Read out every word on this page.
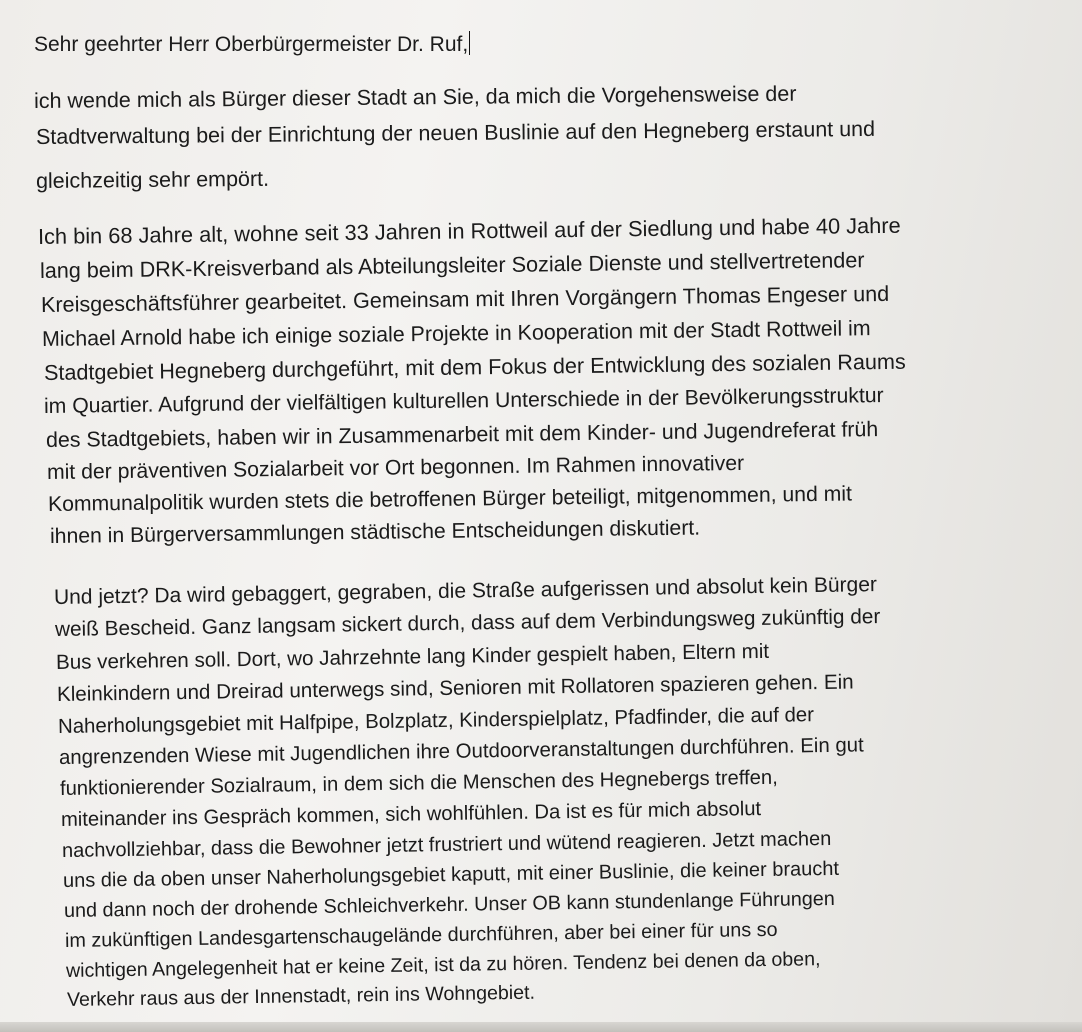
Sehr geehrter Herr Oberbürgermeister Dr. Ruf,
ich wende mich als Bürger dieser Stadt an Sie, da mich die Vorgehensweise der
Stadtverwaltung bei der Einrichtung der neuen Buslinie auf den Hegneberg erstaunt und
gleichzeitig sehr empört.
Ich bin 68 Jahre alt, wohne seit 33 Jahren in Rottweil auf der Siedlung und habe 40 Jahre
lang beim DRK-Kreisverband als Abteilungsleiter Soziale Dienste und stellvertretender
Kreisgeschäftsführer gearbeitet. Gemeinsam mit Ihren Vorgängern Thomas Engeser und
Michael Arnold habe ich einige soziale Projekte in Kooperation mit der Stadt Rottweil im
Stadtgebiet Hegneberg durchgeführt, mit dem Fokus der Entwicklung des sozialen Raums
im Quartier. Aufgrund der vielfältigen kulturellen Unterschiede in der Bevölkerungsstruktur
des Stadtgebiets, haben wir in Zusammenarbeit mit dem Kinder- und Jugendreferat früh
mit der präventiven Sozialarbeit vor Ort begonnen. Im Rahmen innovativer
Kommunalpolitik wurden stets die betroffenen Bürger beteiligt, mitgenommen, und mit
ihnen in Bürgerversammlungen städtische Entscheidungen diskutiert.
Und jetzt? Da wird gebaggert, gegraben, die Straße aufgerissen und absolut kein Bürger
weiß Bescheid. Ganz langsam sickert durch, dass auf dem Verbindungsweg zukünftig der
Bus verkehren soll. Dort, wo Jahrzehnte lang Kinder gespielt haben, Eltern mit
Kleinkindern und Dreirad unterwegs sind, Senioren mit Rollatoren spazieren gehen. Ein
Naherholungsgebiet mit Halfpipe, Bolzplatz, Kinderspielplatz, Pfadfinder, die auf der
angrenzenden Wiese mit Jugendlichen ihre Outdoorveranstaltungen durchführen. Ein gut
funktionierender Sozialraum, in dem sich die Menschen des Hegnebergs treffen,
miteinander ins Gespräch kommen, sich wohlfühlen. Da ist es für mich absolut
nachvollziehbar, dass die Bewohner jetzt frustriert und wütend reagieren. Jetzt machen
uns die da oben unser Naherholungsgebiet kaputt, mit einer Buslinie, die keiner braucht
und dann noch der drohende Schleichverkehr. Unser OB kann stundenlange Führungen
im zukünftigen Landesgartenschaugelände durchführen, aber bei einer für uns so
wichtigen Angelegenheit hat er keine Zeit, ist da zu hören. Tendenz bei denen da oben,
Verkehr raus aus der Innenstadt, rein ins Wohngebiet.
